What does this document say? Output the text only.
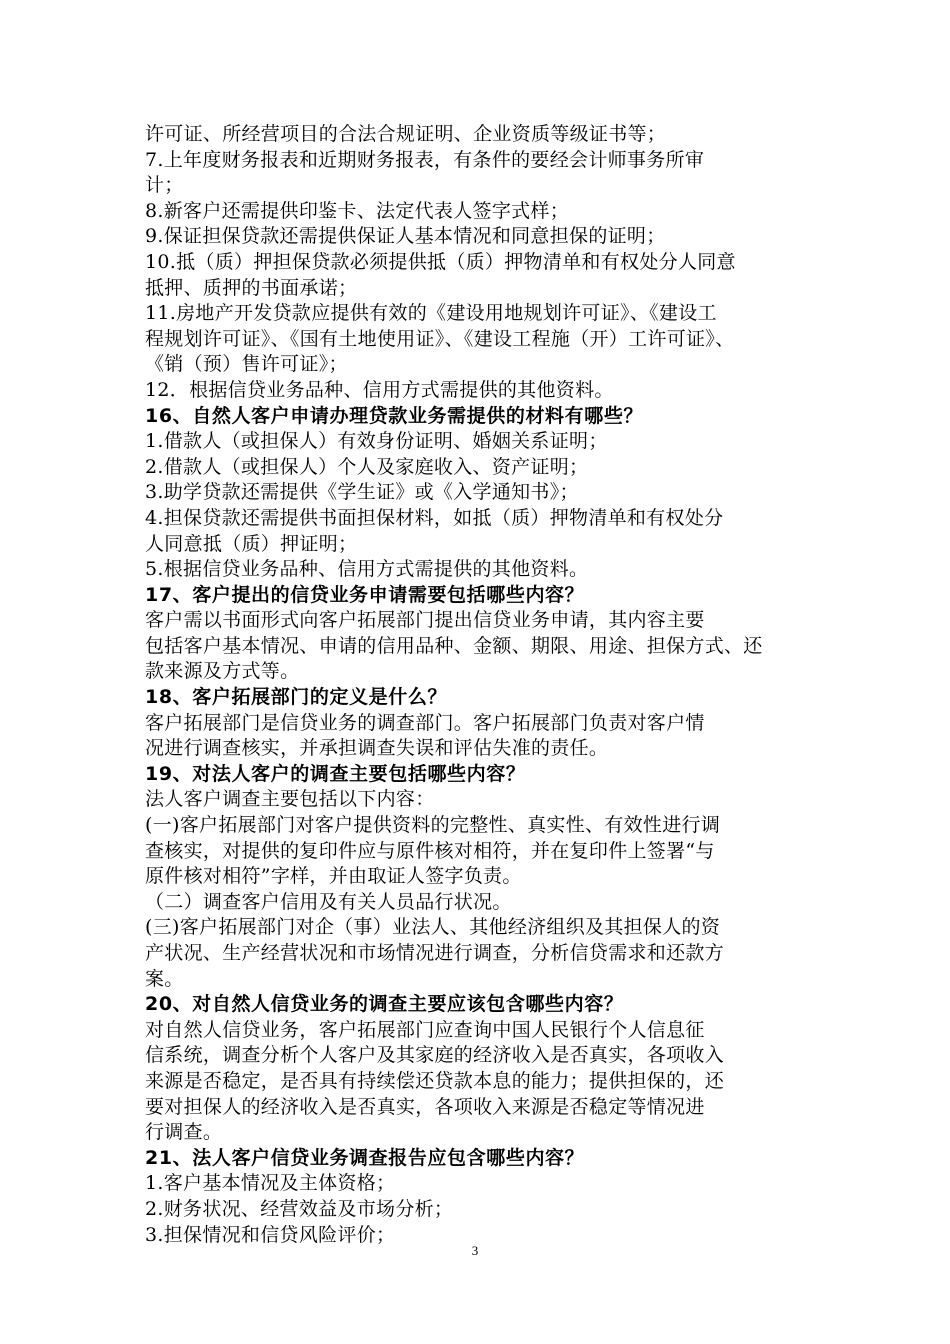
许可证、所经营项目的合法合规证明、企业资质等级证书等；
7.上年度财务报表和近期财务报表，有条件的要经会计师事务所审
计；
8.新客户还需提供印鉴卡、法定代表人签字式样；
9.保证担保贷款还需提供保证人基本情况和同意担保的证明；
10.抵（质）押担保贷款必须提供抵（质）押物清单和有权处分人同意
抵押、质押的书面承诺；
11.房地产开发贷款应提供有效的《建设用地规划许可证》、《建设工
程规划许可证》、《国有土地使用证》、《建设工程施（开）工许可证》、
《销（预）售许可证》；
12．根据信贷业务品种、信用方式需提供的其他资料。
16、自然人客户申请办理贷款业务需提供的材料有哪些？
1.借款人（或担保人）有效身份证明、婚姻关系证明；
2.借款人（或担保人）个人及家庭收入、资产证明；
3.助学贷款还需提供《学生证》或《入学通知书》；
4.担保贷款还需提供书面担保材料，如抵（质）押物清单和有权处分
人同意抵（质）押证明；
5.根据信贷业务品种、信用方式需提供的其他资料。
17、客户提出的信贷业务申请需要包括哪些内容？
客户需以书面形式向客户拓展部门提出信贷业务申请，其内容主要
包括客户基本情况、申请的信用品种、金额、期限、用途、担保方式、还
款来源及方式等。
18、客户拓展部门的定义是什么？
客户拓展部门是信贷业务的调查部门。客户拓展部门负责对客户情
况进行调查核实，并承担调查失误和评估失准的责任。
19、对法人客户的调查主要包括哪些内容？
法人客户调查主要包括以下内容：
(一)客户拓展部门对客户提供资料的完整性、真实性、有效性进行调
查核实，对提供的复印件应与原件核对相符，并在复印件上签署“与
原件核对相符”字样，并由取证人签字负责。
（二）调查客户信用及有关人员品行状况。
(三)客户拓展部门对企（事）业法人、其他经济组织及其担保人的资
产状况、生产经营状况和市场情况进行调查，分析信贷需求和还款方
案。
20、对自然人信贷业务的调查主要应该包含哪些内容？
对自然人信贷业务，客户拓展部门应查询中国人民银行个人信息征
信系统，调查分析个人客户及其家庭的经济收入是否真实，各项收入
来源是否稳定，是否具有持续偿还贷款本息的能力；提供担保的，还
要对担保人的经济收入是否真实，各项收入来源是否稳定等情况进
行调查。
21、法人客户信贷业务调查报告应包含哪些内容？
1.客户基本情况及主体资格；
2.财务状况、经营效益及市场分析；
3.担保情况和信贷风险评价；
3
